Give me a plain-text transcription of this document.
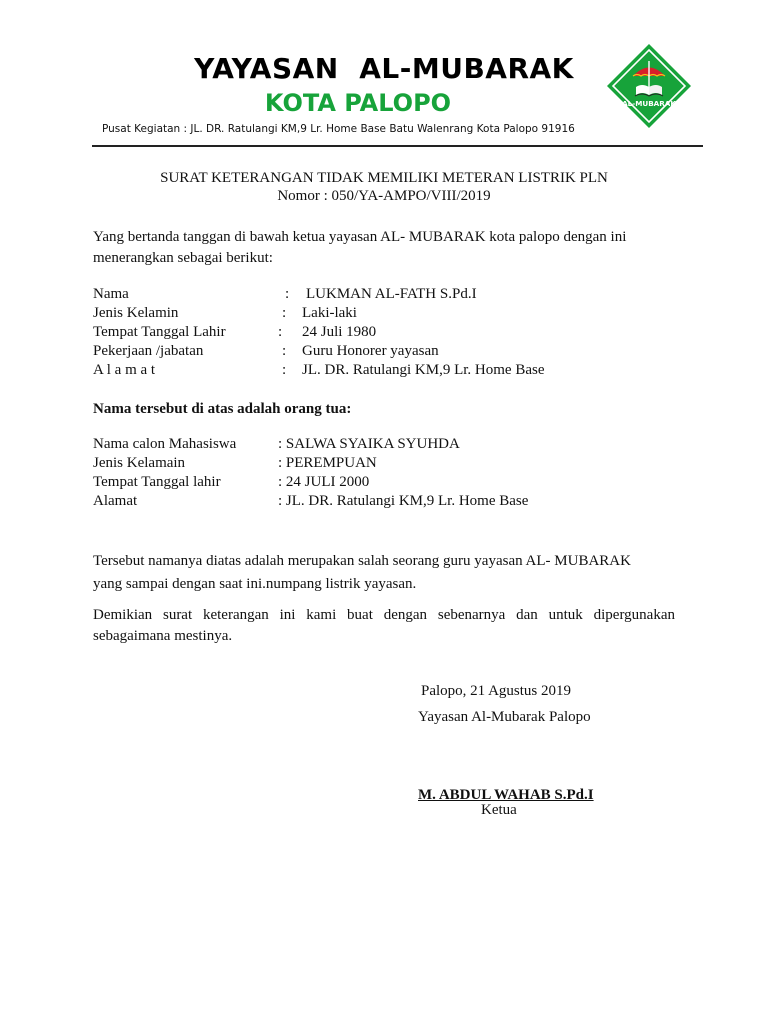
YAYASAN  AL-MUBARAK
KOTA PALOPO
Pusat Kegiatan : JL. DR. Ratulangi KM,9 Lr. Home Base Batu Walenrang Kota Palopo 91916
AL-MUBARAK
SURAT KETERANGAN TIDAK MEMILIKI METERAN LISTRIK PLN
Nomor : 050/YA-AMPO/VIII/2019

Yang bertanda tanggan di bawah ketua yayasan AL- MUBARAK kota palopo dengan ini menerangkan sebagai berikut:

Nama	: LUKMAN AL-FATH S.Pd.I
Jenis Kelamin	: Laki-laki
Tempat Tanggal Lahir	: 24 Juli 1980
Pekerjaan /jabatan	: Guru Honorer yayasan
A l a m a t	: JL. DR. Ratulangi KM,9 Lr. Home Base
Nama tersebut di atas adalah orang tua:
Nama calon Mahasiswa	: SALWA SYAIKA SYUHDA
Jenis Kelamain	: PEREMPUAN
Tempat Tanggal lahir	: 24 JULI 2000
Alamat	: JL. DR. Ratulangi KM,9 Lr. Home Base

Tersebut namanya diatas adalah merupakan salah seorang guru yayasan AL- MUBARAK yang sampai dengan saat ini.numpang listrik yayasan.

Demikian surat keterangan ini kami buat dengan sebenarnya dan untuk dipergunakan sebagaimana mestinya.

Palopo, 21 Agustus 2019
Yayasan Al-Mubarak Palopo
M. ABDUL WAHAB S.Pd.I
Ketua
